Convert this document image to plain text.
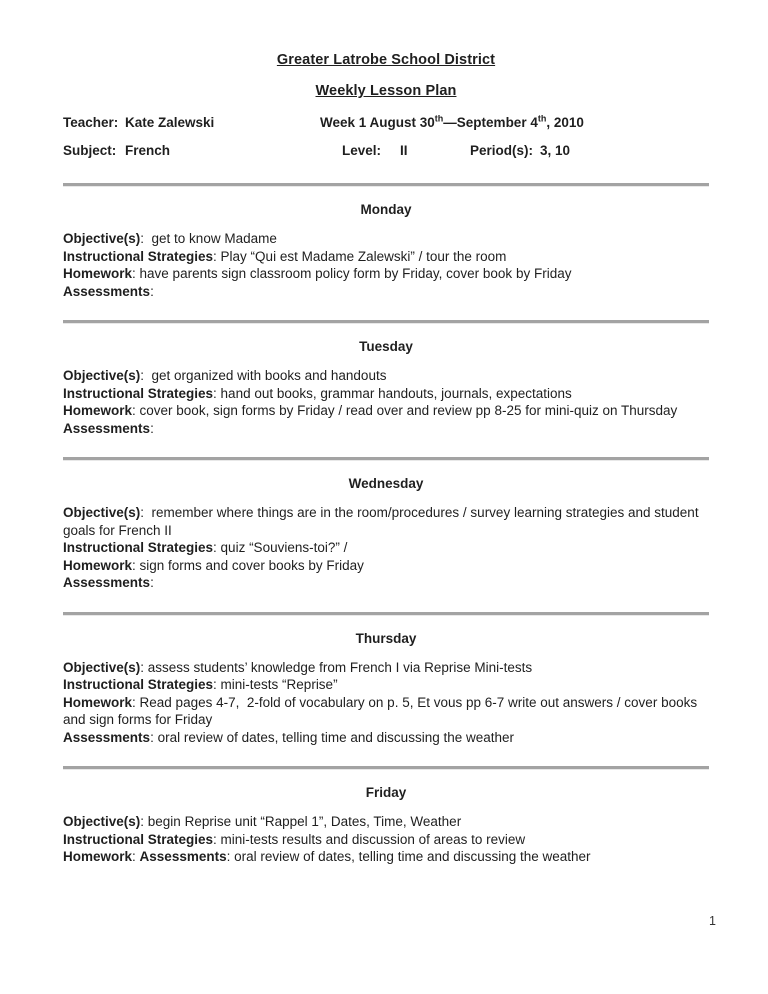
Greater Latrobe School District
Weekly Lesson Plan
Teacher: Kate Zalewski	Week 1 August 30th—September 4th, 2010
Subject: French	Level: II	Period(s): 3, 10
Monday

Objective(s):  get to know Madame

Instructional Strategies: Play “Qui est Madame Zalewski” / tour the room

Homework: have parents sign classroom policy form by Friday, cover book by Friday

Assessments:

Tuesday

Objective(s):  get organized with books and handouts

Instructional Strategies: hand out books, grammar handouts, journals, expectations

Homework: cover book, sign forms by Friday / read over and review pp 8-25 for mini-quiz on Thursday

Assessments:

Wednesday

Objective(s):  remember where things are in the room/procedures / survey learning strategies and student goals for French II

Instructional Strategies: quiz “Souviens-toi?” /

Homework: sign forms and cover books by Friday

Assessments:

Thursday

Objective(s): assess students’ knowledge from French I via Reprise Mini-tests

Instructional Strategies: mini-tests “Reprise”

Homework: Read pages 4-7,  2-fold of vocabulary on p. 5, Et vous pp 6-7 write out answers / cover books and sign forms for Friday

Assessments: oral review of dates, telling time and discussing the weather

Friday

Objective(s): begin Reprise unit “Rappel 1”, Dates, Time, Weather

Instructional Strategies: mini-tests results and discussion of areas to review

Homework: Assessments: oral review of dates, telling time and discussing the weather

1
